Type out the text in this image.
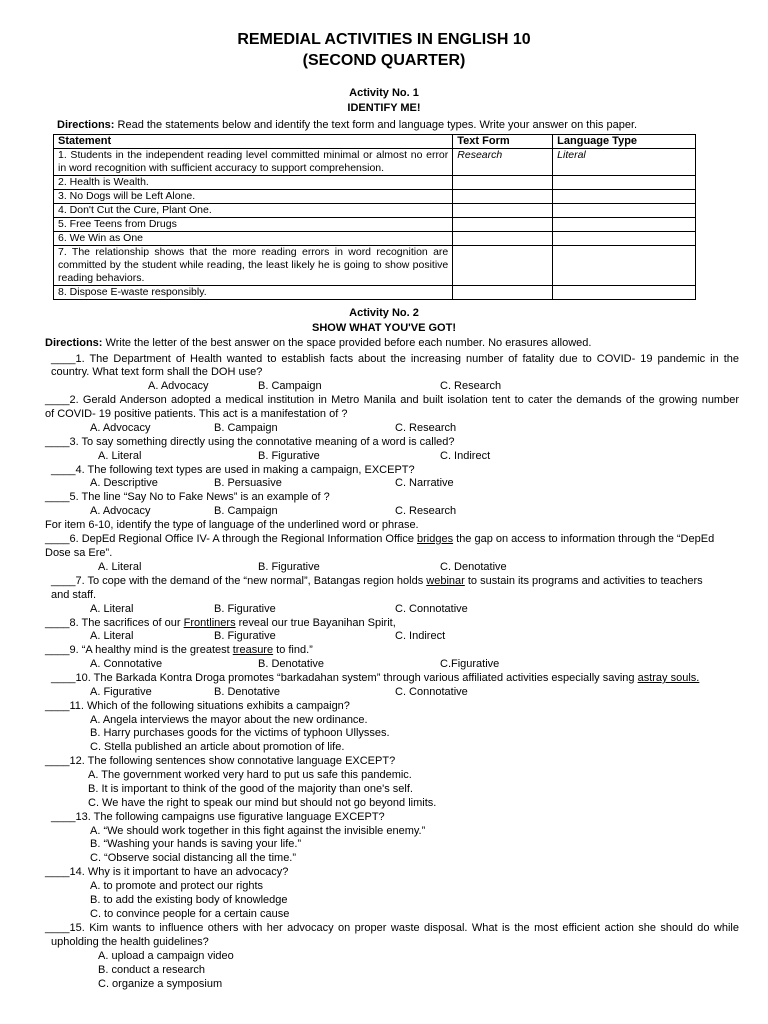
REMEDIAL ACTIVITIES IN ENGLISH 10
(SECOND QUARTER)
Activity No. 1
IDENTIFY ME!
Directions: Read the statements below and identify the text form and language types. Write your answer on this paper.
Statement	Text Form	Language Type
1. Students in the independent reading level committed minimal or almost no error in word recognition with sufficient accuracy to support comprehension.	Research	Literal
2. Health is Wealth.		
3. No Dogs will be Left Alone.		
4. Don't Cut the Cure, Plant One.		
5. Free Teens from Drugs		
6. We Win as One		
7. The relationship shows that the more reading errors in word recognition are committed by the student while reading, the least likely he is going to show positive reading behaviors.		
8. Dispose E-waste responsibly.		
Activity No. 2
SHOW WHAT YOU'VE GOT!
Directions: Write the letter of the best answer on the space provided before each number. No erasures allowed.
____1. The Department of Health wanted to establish facts about the increasing number of fatality due to COVID- 19 pandemic in the
country. What text form shall the DOH use?
A. Advocacy	B. Campaign	C. Research
____2. Gerald Anderson adopted a medical institution in Metro Manila and built isolation tent to cater the demands of the growing number
of COVID- 19 positive patients. This act is a manifestation of ?
A. Advocacy	B. Campaign	C. Research
____3. To say something directly using the connotative meaning of a word is called?
A. Literal	B. Figurative	C. Indirect
____4. The following text types are used in making a campaign, EXCEPT?
A. Descriptive	B. Persuasive	C. Narrative
____5. The line “Say No to Fake News” is an example of ?
A. Advocacy	B. Campaign	C. Research
For item 6-10, identify the type of language of the underlined word or phrase.
____6. DepEd Regional Office IV- A through the Regional Information Office bridges the gap on access to information through the “DepEd
Dose sa Ere”.
A. Literal	B. Figurative	C. Denotative
____7. To cope with the demand of the “new normal”, Batangas region holds webinar to sustain its programs and activities to teachers
and staff.
A. Literal	B. Figurative	C. Connotative
____8. The sacrifices of our Frontliners reveal our true Bayanihan Spirit,
A. Literal	B. Figurative	C. Indirect
____9. “A healthy mind is the greatest treasure to find.”
A. Connotative	B. Denotative	C.Figurative
____10. The Barkada Kontra Droga promotes “barkadahan system” through various affiliated activities especially saving astray souls.
A. Figurative	B. Denotative	C. Connotative
____11. Which of the following situations exhibits a campaign?
A. Angela interviews the mayor about the new ordinance.
B. Harry purchases goods for the victims of typhoon Ullysses.
C. Stella published an article about promotion of life.
____12. The following sentences show connotative language EXCEPT?
A. The government worked very hard to put us safe this pandemic.
B. It is important to think of the good of the majority than one's self.
C. We have the right to speak our mind but should not go beyond limits.
____13. The following campaigns use figurative language EXCEPT?
A. “We should work together in this fight against the invisible enemy.”
B. “Washing your hands is saving your life.”
C. “Observe social distancing all the time.”
____14. Why is it important to have an advocacy?
A. to promote and protect our rights
B. to add the existing body of knowledge
C. to convince people for a certain cause
____15. Kim wants to influence others with her advocacy on proper waste disposal. What is the most efficient action she should do while
upholding the health guidelines?
A. upload a campaign video
B. conduct a research
C. organize a symposium
